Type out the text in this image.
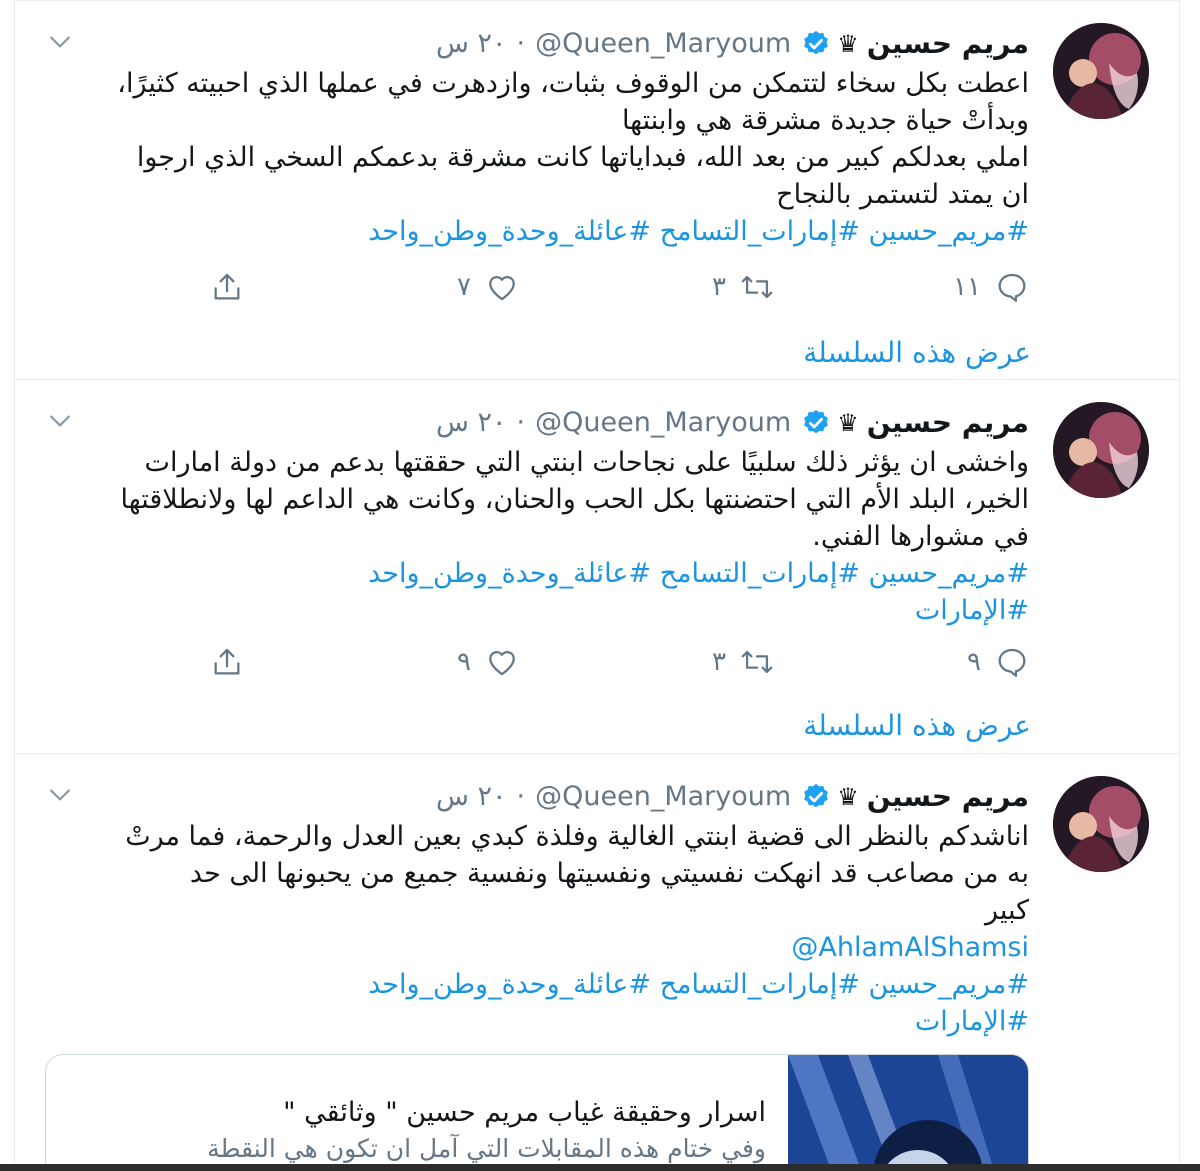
مريم حسين
♛
@Queen_Maryoum
·
٢٠ س

اعطت بكل سخاء لتتمكن من الوقوف بثبات، وازدهرت في عملها الذي احبيته كثيرًا،

وبدأتْ حياة جديدة مشرقة هي وابنتها

املي بعدلكم كبير من بعد الله، فبداياتها كانت مشرقة بدعمكم السخي الذي ارجوا

ان يمتد لتستمر بالنجاح

#مريم_حسين #إمارات_التسامح #عائلة_وحدة_وطن_واحد

١١
٣
٧
عرض هذه السلسلة
مريم حسين
♛
@Queen_Maryoum
·
٢٠ س

واخشى ان يؤثر ذلك سلبيًا على نجاحات ابنتي التي حققتها بدعم من دولة امارات

الخير، البلد الأم التي احتضنتها بكل الحب والحنان، وكانت هي الداعم لها ولانطلاقتها

في مشوارها الفني.

#مريم_حسين #إمارات_التسامح #عائلة_وحدة_وطن_واحد

#الإمارات

٩
٣
٩
عرض هذه السلسلة
مريم حسين
♛
@Queen_Maryoum
·
٢٠ س

اناشدكم بالنظر الى قضية ابنتي الغالية وفلذة كبدي بعين العدل والرحمة، فما مرتْ

به من مصاعب قد انهكت نفسيتي ونفسيتها ونفسية جميع من يحبونها الى حد

كبير

@AhlamAlShamsi

#مريم_حسين #إمارات_التسامح #عائلة_وحدة_وطن_واحد

#الإمارات

اسرار وحقيقة غياب مريم حسين " وثائقي "
وفي ختام هذه المقابلات التي آمل ان تكون هي النقطة
